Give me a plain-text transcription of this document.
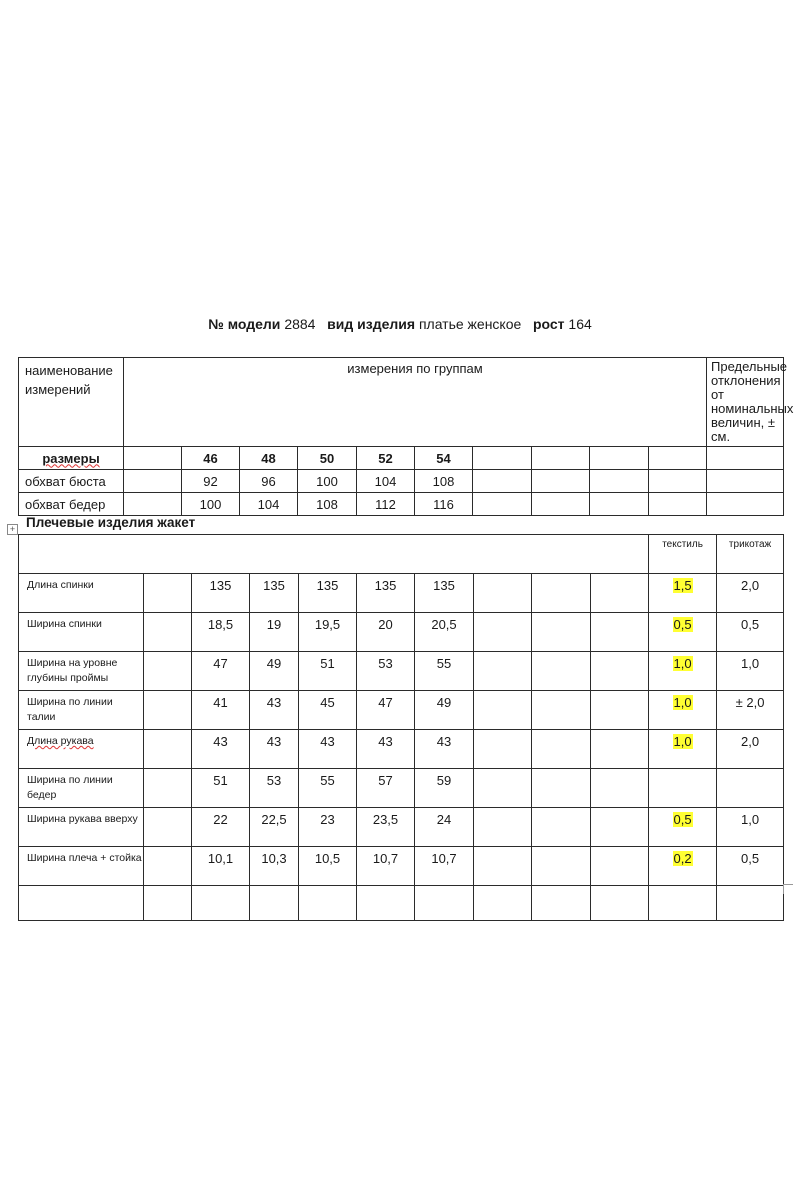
№ модели 2884 вид изделия платье женское рост 164
наименование измерений	измерения по группам										Предельные отклонения от номинальных величин, ± см.
размеры		46	48	50	52	54					
обхват бюста		92	96	100	104	108					
обхват бедер		100	104	108	112	116					
+ Плечевые изделия жакет
										текстиль	трикотаж
Длина спинки		135	135	135	135	135				1,5	2,0
Ширина спинки		18,5	19	19,5	20	20,5				0,5	0,5
Ширина на уровне глубины проймы		47	49	51	53	55				1,0	1,0
Ширина по линии талии		41	43	45	47	49				1,0	± 2,0
Длина рукава		43	43	43	43	43				1,0	2,0
Ширина по линии бедер		51	53	55	57	59					
Ширина рукава вверху		22	22,5	23	23,5	24				0,5	1,0
Ширина плеча + стойка		10,1	10,3	10,5	10,7	10,7				0,2	0,5
